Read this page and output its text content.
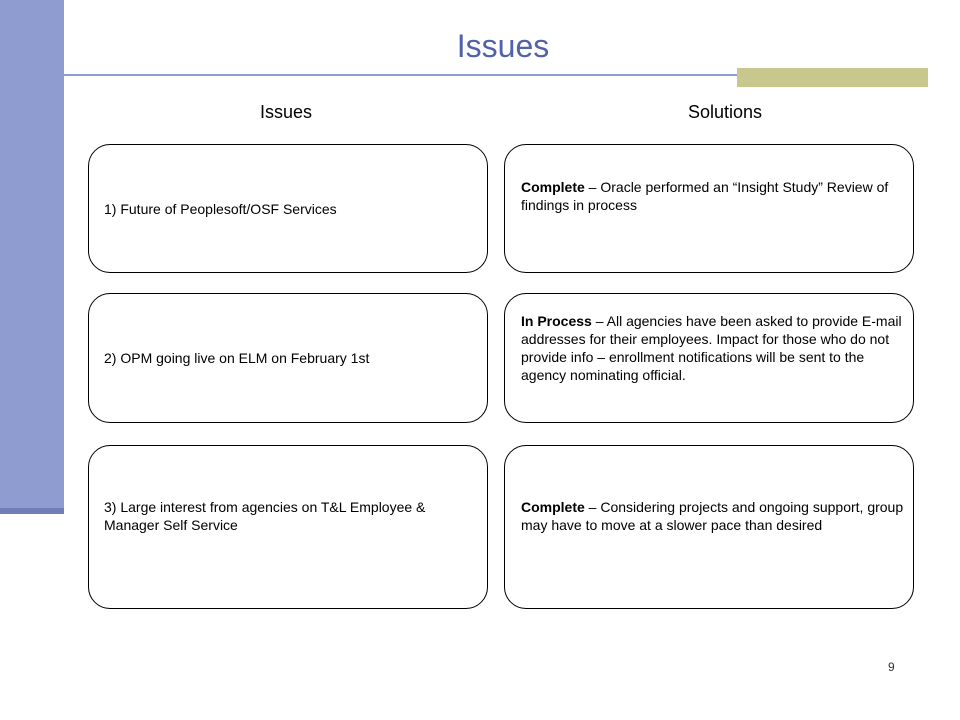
Issues
Issues	Solutions
1) Future of Peoplesoft/OSF Services
Complete – Oracle performed an “Insight Study” Review of findings in process
2) OPM going live on ELM on February 1st
In Process – All agencies have been asked to provide E-mail addresses for their employees. Impact for those who do not provide info – enrollment notifications will be sent to the agency nominating official.
3) Large interest from agencies on T&L Employee & Manager Self Service
Complete – Considering projects and ongoing support, group may have to move at a slower pace than desired
9
